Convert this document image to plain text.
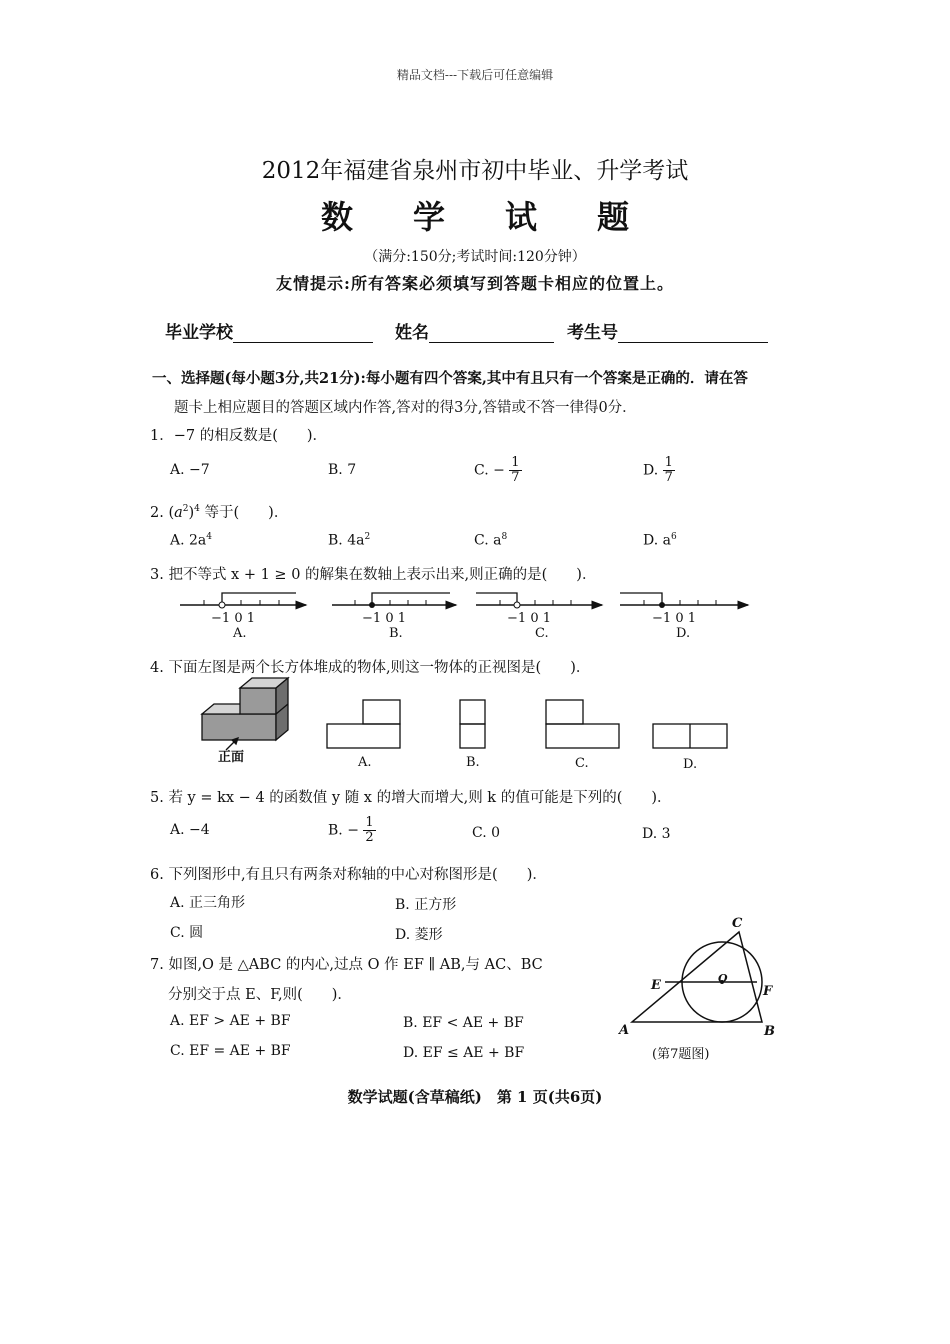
精品文档---下载后可任意编辑
2012年福建省泉州市初中毕业、升学考试
数学试题
（满分:150分;考试时间:120分钟）
友情提示:所有答案必须填写到答题卡相应的位置上。
毕业学校	姓名	考生号
一、选择题(每小题3分,共21分):每小题有四个答案,其中有且只有一个答案是正确的．请在答
题卡上相应题目的答题区域内作答,答对的得3分,答错或不答一律得0分．
1．−7 的相反数是(　　)．
A. −7	B. 7	C. − $\frac{1}{7}$	D. $\frac{1}{7}$
2. $(a^2)^4$ 等于(　　)．
A. $2a^4$	B. $4a^2$	C. $a^8$	D. $a^6$
3. 把不等式 x + 1 ≥ 0 的解集在数轴上表示出来,则正确的是(　　)．
−1 0 1	−1 0 1	−1 0 1	−1 0 1
A.	B.	C.	D.
4. 下面左图是两个长方体堆成的物体,则这一物体的正视图是(　　)．
正面	A.	B.	C.	D.
5. 若 y = kx − 4 的函数值 y 随 x 的增大而增大,则 k 的值可能是下列的(　　)．
A. −4	B. − $\frac{1}{2}$	C. 0	D. 3
6. 下列图形中,有且只有两条对称轴的中心对称图形是(　　)．
A. 正三角形	B. 正方形
C. 圆	D. 菱形
7. 如图,O 是 △ABC 的内心,过点 O 作 EF ∥ AB,与 AC、BC
分别交于点 E、F,则(　　)．
A. EF > AE + BF	B. EF < AE + BF
C. EF = AE + BF	D. EF ≤ AE + BF
C
E	O
F
A	B
(第7题图)
数学试题(含草稿纸)　第 1 页(共6页)
